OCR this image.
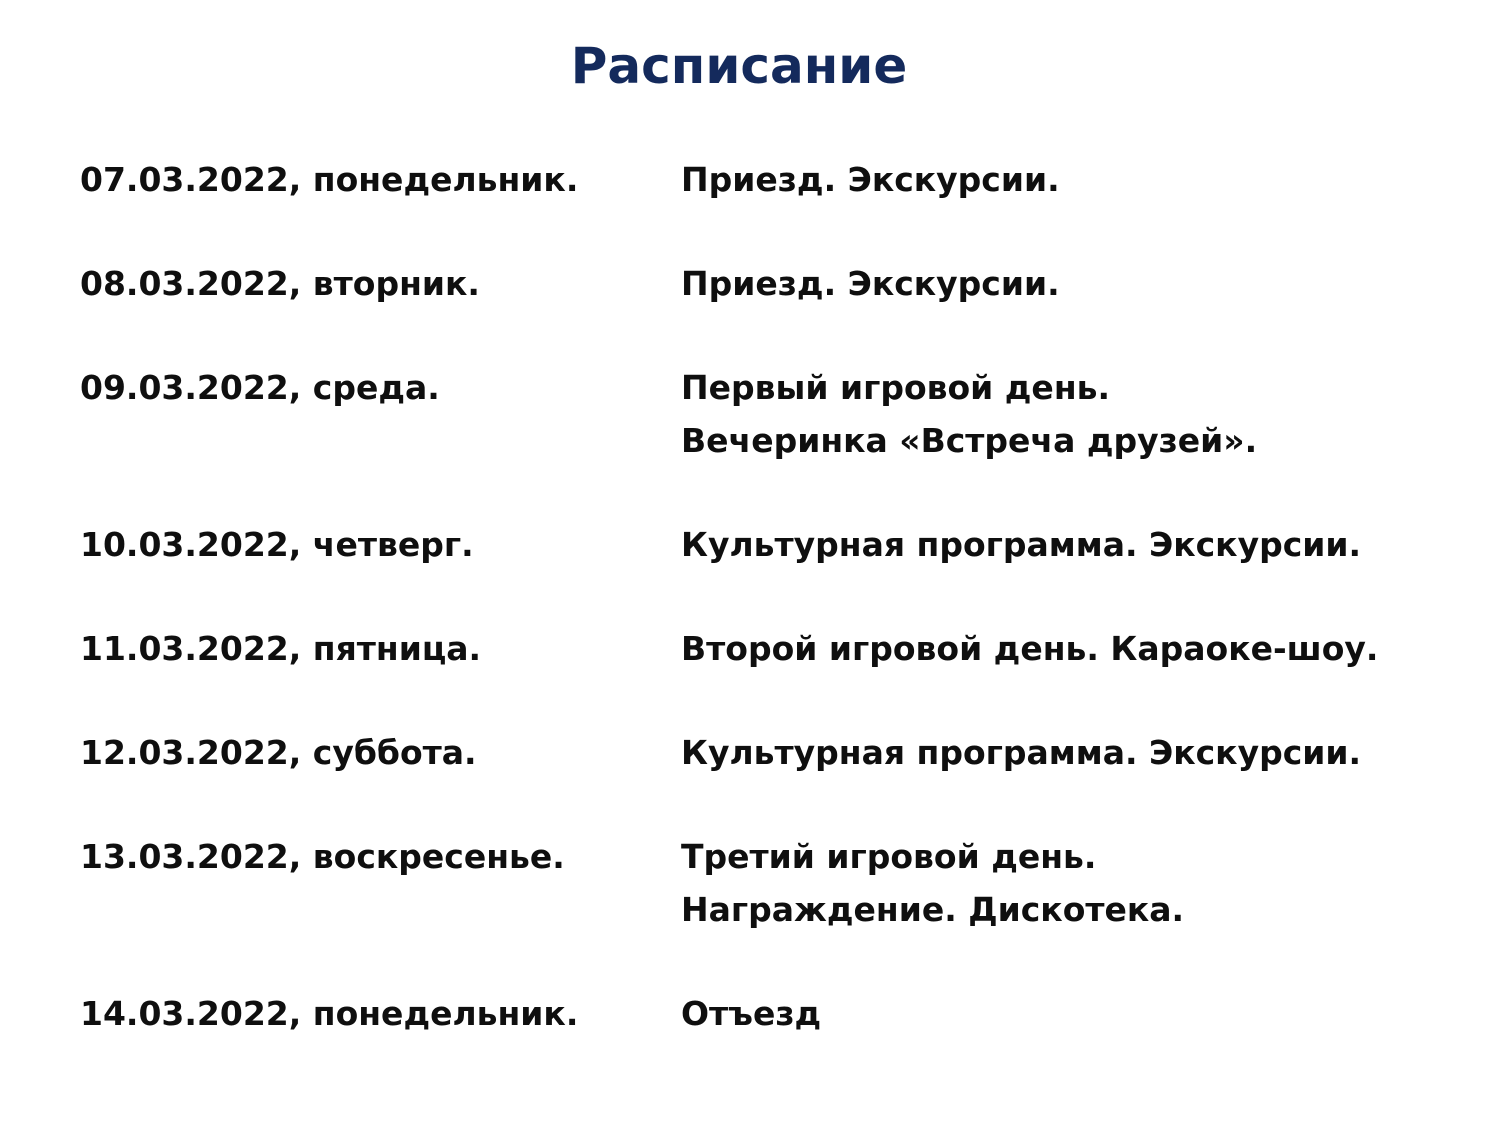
Расписание
07.03.2022, понедельник.	Приезд. Экскурсии.
08.03.2022, вторник.	Приезд. Экскурсии.
09.03.2022, среда.	Первый игровой день.
Вечеринка «Встреча друзей».
10.03.2022, четверг.	Культурная программа. Экскурсии.
11.03.2022, пятница.	Второй игровой день. Караоке-шоу.
12.03.2022, суббота.	Культурная программа. Экскурсии.
13.03.2022, воскресенье.	Третий игровой день.
Награждение. Дискотека.
14.03.2022, понедельник.	Отъезд
